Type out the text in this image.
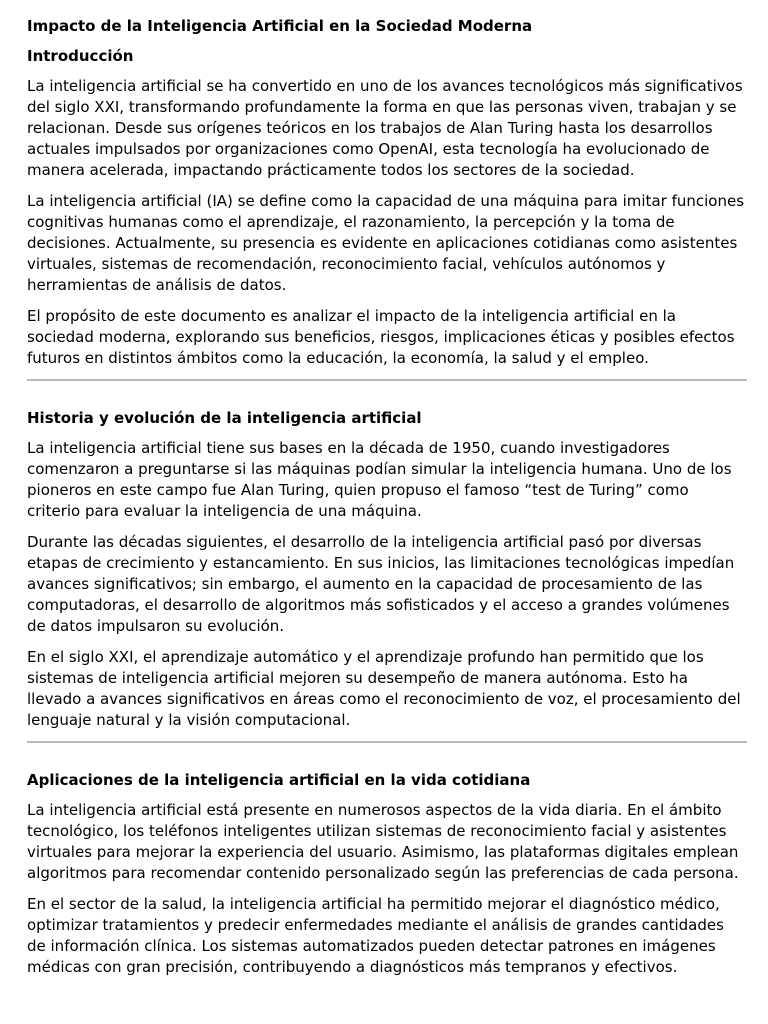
Impacto de la Inteligencia Artificial en la Sociedad Moderna
Introducción

La inteligencia artificial se ha convertido en uno de los avances tecnológicos más significativos del siglo XXI, transformando profundamente la forma en que las personas viven, trabajan y se relacionan. Desde sus orígenes teóricos en los trabajos de Alan Turing hasta los desarrollos actuales impulsados por organizaciones como OpenAI, esta tecnología ha evolucionado de manera acelerada, impactando prácticamente todos los sectores de la sociedad.

La inteligencia artificial (IA) se define como la capacidad de una máquina para imitar funciones cognitivas humanas como el aprendizaje, el razonamiento, la percepción y la toma de decisiones. Actualmente, su presencia es evidente en aplicaciones cotidianas como asistentes virtuales, sistemas de recomendación, reconocimiento facial, vehículos autónomos y herramientas de análisis de datos.

El propósito de este documento es analizar el impacto de la inteligencia artificial en la sociedad moderna, explorando sus beneficios, riesgos, implicaciones éticas y posibles efectos futuros en distintos ámbitos como la educación, la economía, la salud y el empleo.

Historia y evolución de la inteligencia artificial

La inteligencia artificial tiene sus bases en la década de 1950, cuando investigadores comenzaron a preguntarse si las máquinas podían simular la inteligencia humana. Uno de los pioneros en este campo fue Alan Turing, quien propuso el famoso “test de Turing” como criterio para evaluar la inteligencia de una máquina.

Durante las décadas siguientes, el desarrollo de la inteligencia artificial pasó por diversas etapas de crecimiento y estancamiento. En sus inicios, las limitaciones tecnológicas impedían avances significativos; sin embargo, el aumento en la capacidad de procesamiento de las computadoras, el desarrollo de algoritmos más sofisticados y el acceso a grandes volúmenes de datos impulsaron su evolución.

En el siglo XXI, el aprendizaje automático y el aprendizaje profundo han permitido que los sistemas de inteligencia artificial mejoren su desempeño de manera autónoma. Esto ha llevado a avances significativos en áreas como el reconocimiento de voz, el procesamiento del lenguaje natural y la visión computacional.

Aplicaciones de la inteligencia artificial en la vida cotidiana

La inteligencia artificial está presente en numerosos aspectos de la vida diaria. En el ámbito tecnológico, los teléfonos inteligentes utilizan sistemas de reconocimiento facial y asistentes virtuales para mejorar la experiencia del usuario. Asimismo, las plataformas digitales emplean algoritmos para recomendar contenido personalizado según las preferencias de cada persona.

En el sector de la salud, la inteligencia artificial ha permitido mejorar el diagnóstico médico, optimizar tratamientos y predecir enfermedades mediante el análisis de grandes cantidades de información clínica. Los sistemas automatizados pueden detectar patrones en imágenes médicas con gran precisión, contribuyendo a diagnósticos más tempranos y efectivos.
